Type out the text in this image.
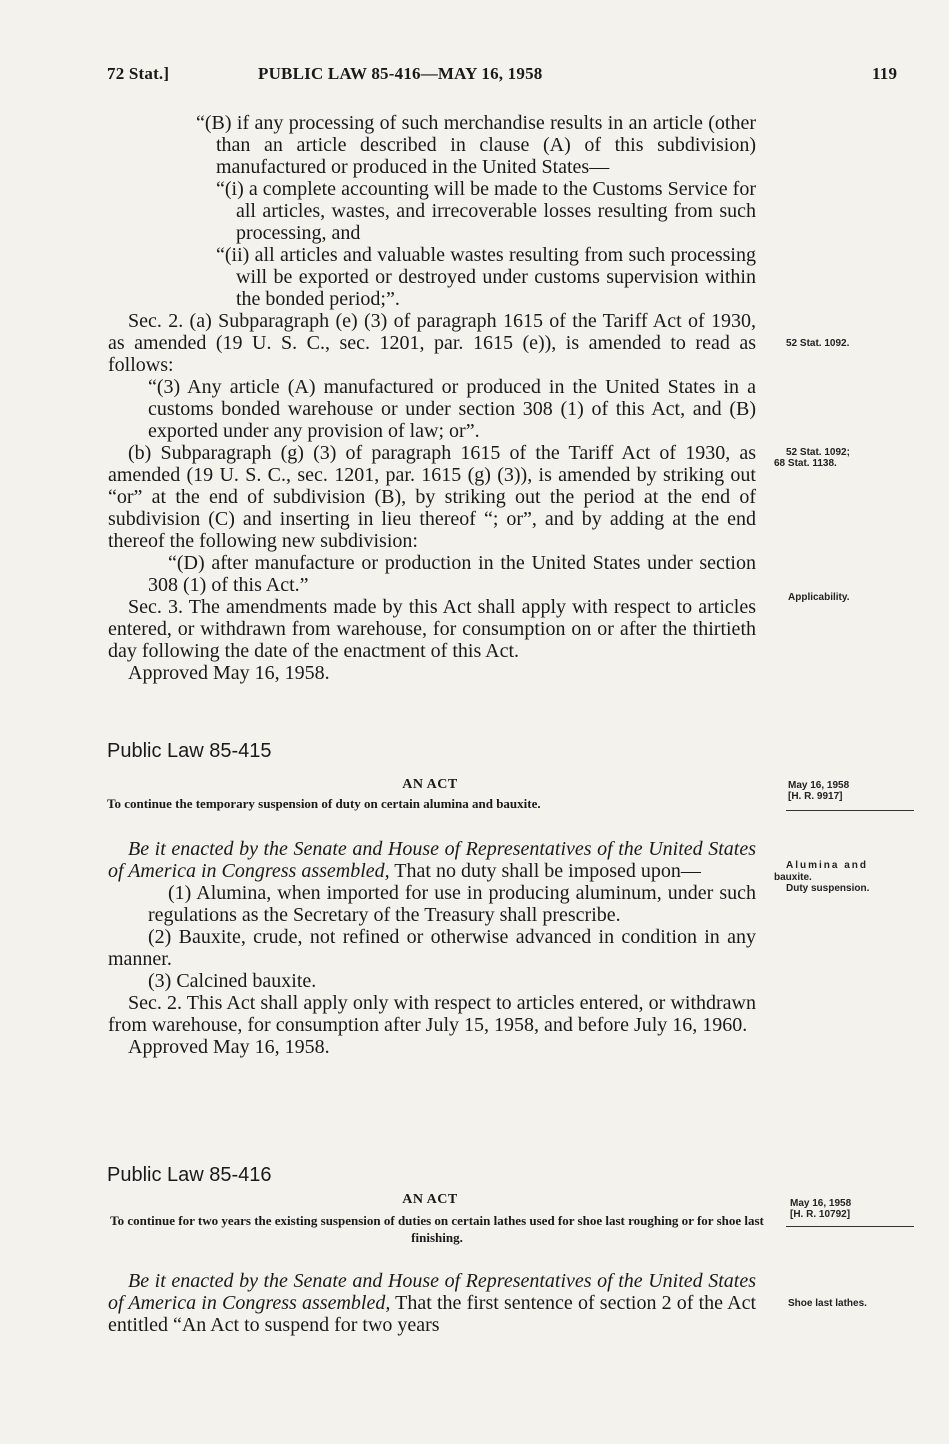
72 Stat.]	PUBLIC LAW 85-416—MAY 16, 1958	119

“(B) if any processing of such merchandise results in an article (other than an article described in clause (A) of this subdivision) manufactured or produced in the United States—

“(i) a complete accounting will be made to the Customs Service for all articles, wastes, and irrecoverable losses resulting from such processing, and

“(ii) all articles and valuable wastes resulting from such processing will be exported or destroyed under customs supervision within the bonded period;”.

Sec. 2. (a) Subparagraph (e) (3) of paragraph 1615 of the Tariff Act of 1930, as amended (19 U. S. C., sec. 1201, par. 1615 (e)), is amended to read as follows:

“(3) Any article (A) manufactured or produced in the United States in a customs bonded warehouse or under section 308 (1) of this Act, and (B) exported under any provision of law; or”.

(b) Subparagraph (g) (3) of paragraph 1615 of the Tariff Act of 1930, as amended (19 U. S. C., sec. 1201, par. 1615 (g) (3)), is amended by striking out “or” at the end of subdivision (B), by striking out the period at the end of subdivision (C) and inserting in lieu thereof “; or”, and by adding at the end thereof the following new subdivision:

“(D) after manufacture or production in the United States under section 308 (1) of this Act.”

Sec. 3. The amendments made by this Act shall apply with respect to articles entered, or withdrawn from warehouse, for consumption on or after the thirtieth day following the date of the enactment of this Act.

Approved May 16, 1958.

Public Law 85-415
AN ACT
To continue the temporary suspension of duty on certain alumina and bauxite.

Be it enacted by the Senate and House of Representatives of the United States of America in Congress assembled, That no duty shall be imposed upon—

(1) Alumina, when imported for use in producing aluminum, under such regulations as the Secretary of the Treasury shall prescribe.

(2) Bauxite, crude, not refined or otherwise advanced in condition in any manner.

(3) Calcined bauxite.

Sec. 2. This Act shall apply only with respect to articles entered, or withdrawn from warehouse, for consumption after July 15, 1958, and before July 16, 1960.

Approved May 16, 1958.

Public Law 85-416
AN ACT
To continue for two years the existing suspension of duties on certain lathes used for shoe last roughing or for shoe last finishing.

Be it enacted by the Senate and House of Representatives of the United States of America in Congress assembled, That the first sentence of section 2 of the Act entitled “An Act to suspend for two years

52 Stat. 1092.
52 Stat. 1092;
68 Stat. 1138.
Applicability.
May 16, 1958
[H. R. 9917]
Alumina and
bauxite.
Duty suspension.
May 16, 1958
[H. R. 10792]
Shoe last lathes.
